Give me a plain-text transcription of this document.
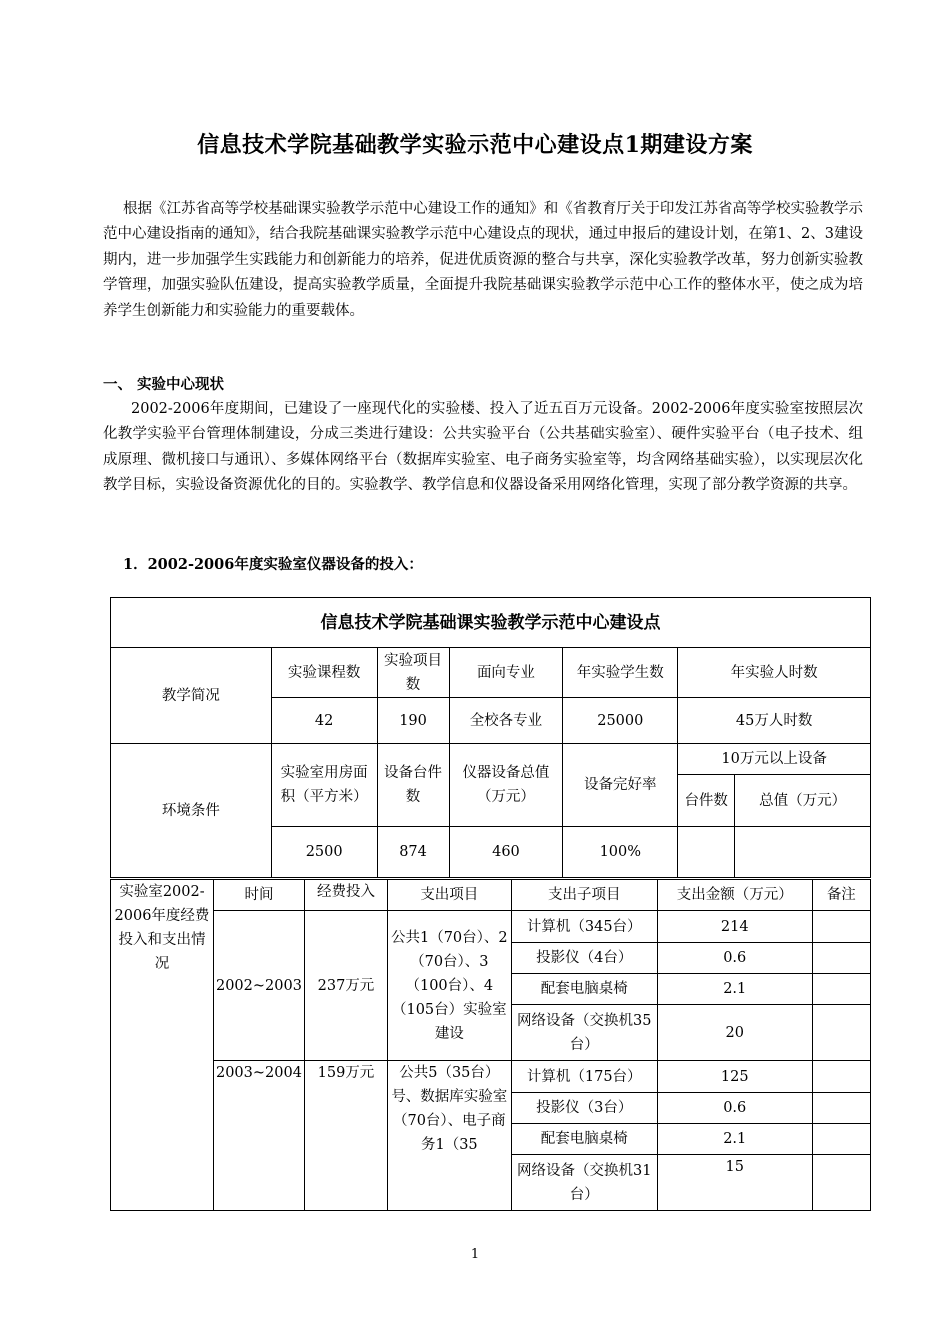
信息技术学院基础教学实验示范中心建设点1期建设方案
根据《江苏省高等学校基础课实验教学示范中心建设工作的通知》和《省教育厅关于印发江苏省高等学校实验教学示范中心建设指南的通知》，结合我院基础课实验教学示范中心建设点的现状，通过申报后的建设计划，在第1、2、3建设期内，进一步加强学生实践能力和创新能力的培养，促进优质资源的整合与共享，深化实验教学改革，努力创新实验教学管理，加强实验队伍建设，提高实验教学质量，全面提升我院基础课实验教学示范中心工作的整体水平，使之成为培养学生创新能力和实验能力的重要载体。
一、 实验中心现状
2002-2006年度期间，已建设了一座现代化的实验楼、投入了近五百万元设备。2002-2006年度实验室按照层次化教学实验平台管理体制建设，分成三类进行建设：公共实验平台（公共基础实验室）、硬件实验平台（电子技术、组成原理、微机接口与通讯）、多媒体网络平台（数据库实验室、电子商务实验室等，均含网络基础实验），以实现层次化教学目标，实验设备资源优化的目的。实验教学、教学信息和仪器设备采用网络化管理，实现了部分教学资源的共享。
1．2002-2006年度实验室仪器设备的投入：
信息技术学院基础课实验教学示范中心建设点						
教学简况	实验课程数	实验项目数	面向专业	年实验学生数	年实验人时数	
	42	190	全校各专业	25000	45万人时数	
环境条件	实验室用房面积（平方米）	设备台件数	仪器设备总值（万元）	设备完好率	10万元以上设备	
					台件数	总值（万元）
	2500	874	460	100%		
实验室2002-2006年度经费投入和支出情况	时间	经费投入	支出项目	支出子项目	支出金额（万元）	备注
	2002~2003	237万元	公共1（70台）、2（70台）、3（100台）、4（105台）实验室建设	计算机（345台）	214	
				投影仪（4台）	0.6	
				配套电脑桌椅	2.1	
				网络设备（交换机35台）	20	
	2003~2004	159万元	公共5（35台）号、数据库实验室（70台）、电子商务1（35	计算机（175台）	125	
				投影仪（3台）	0.6	
				配套电脑桌椅	2.1	
				网络设备（交换机31台）	15	
1
